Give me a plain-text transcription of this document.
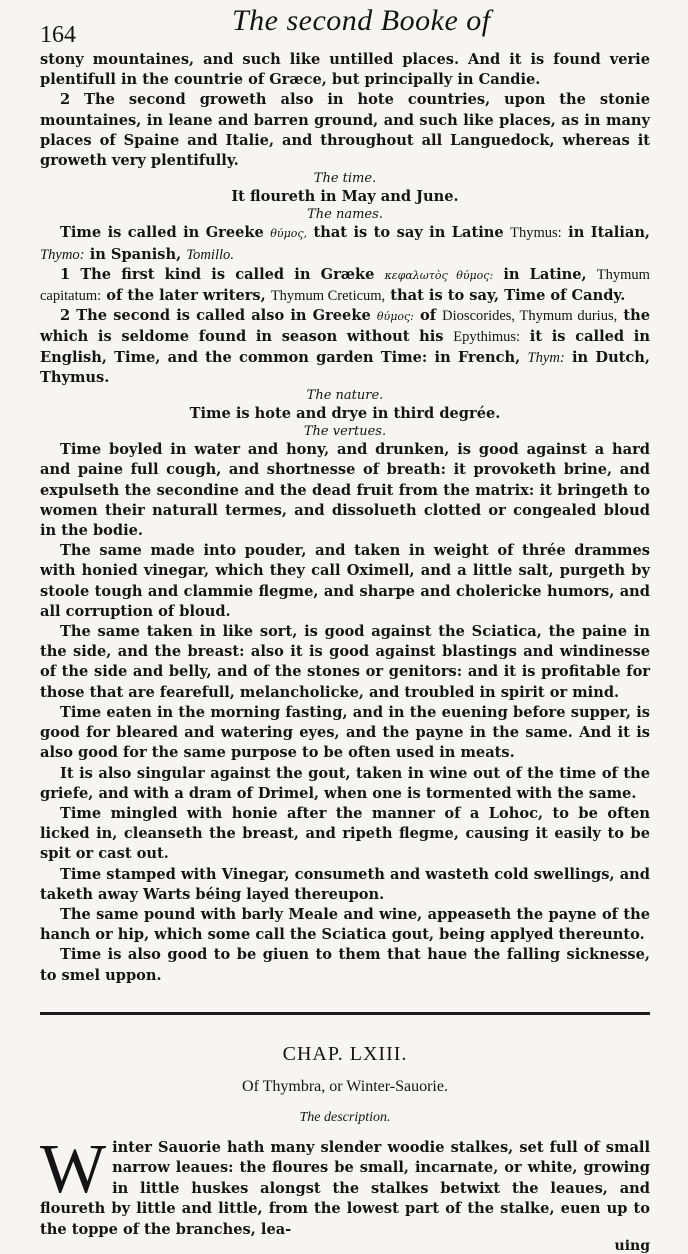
164	The second Booke of

stony mountaines, and such like untilled places. And it is found verie plentifull in the countrie of Græce, but principally in Candie.

2 The second groweth also in hote countries, upon the stonie mountaines, in leane and barren ground, and such like places, as in many places of Spaine and Italie, and throughout all Languedock, whereas it groweth very plentifully.

The time.

It floureth in May and June.

The names.

Time is called in Greeke θύμος, that is to say in Latine Thymus: in Italian, Thymo: in Spanish, Tomillo.

1 The first kind is called in Græke κεφαλωτὸς θύμος: in Latine, Thymum capitatum: of the later writers, Thymum Creticum, that is to say, Time of Candy.

2 The second is called also in Greeke θύμος: of Dioscorides, Thymum durius, the which is seldome found in season without his Epythimus: it is called in English, Time, and the common garden Time: in French, Thym: in Dutch, Thymus.

The nature.

Time is hote and drye in third degrée.

The vertues.

Time boyled in water and hony, and drunken, is good against a hard and paine full cough, and shortnesse of breath: it provoketh brine, and expulseth the secondine and the dead fruit from the matrix: it bringeth to women their naturall termes, and dissolueth clotted or congealed bloud in the bodie.

The same made into pouder, and taken in weight of thrée drammes with honied vinegar, which they call Oximell, and a little salt, purgeth by stoole tough and clammie flegme, and sharpe and cholericke humors, and all corruption of bloud.

The same taken in like sort, is good against the Sciatica, the paine in the side, and the breast: also it is good against blastings and windinesse of the side and belly, and of the stones or genitors: and it is profitable for those that are fearefull, melancholicke, and troubled in spirit or mind.

Time eaten in the morning fasting, and in the euening before supper, is good for bleared and watering eyes, and the payne in the same. And it is also good for the same purpose to be often used in meats.

It is also singular against the gout, taken in wine out of the time of the griefe, and with a dram of Drimel, when one is tormented with the same.

Time mingled with honie after the manner of a Lohoc, to be often licked in, cleanseth the breast, and ripeth flegme, causing it easily to be spit or cast out.

Time stamped with Vinegar, consumeth and wasteth cold swellings, and taketh away Warts béing layed thereupon.

The same pound with barly Meale and wine, appeaseth the payne of the hanch or hip, which some call the Sciatica gout, being applyed thereunto.

Time is also good to be giuen to them that haue the falling sicknesse, to smel uppon.

CHAP. LXIII.
Of Thymbra, or Winter-Sauorie.
The description.
W inter Sauorie hath many slender woodie stalkes, set full of small narrow leaues: the floures be small, incarnate, or white, growing in little huskes alongst the stalkes betwixt the leaues, and floureth by little and little, from the lowest part of the stalke, euen up to the toppe of the branches, lea-
uing
